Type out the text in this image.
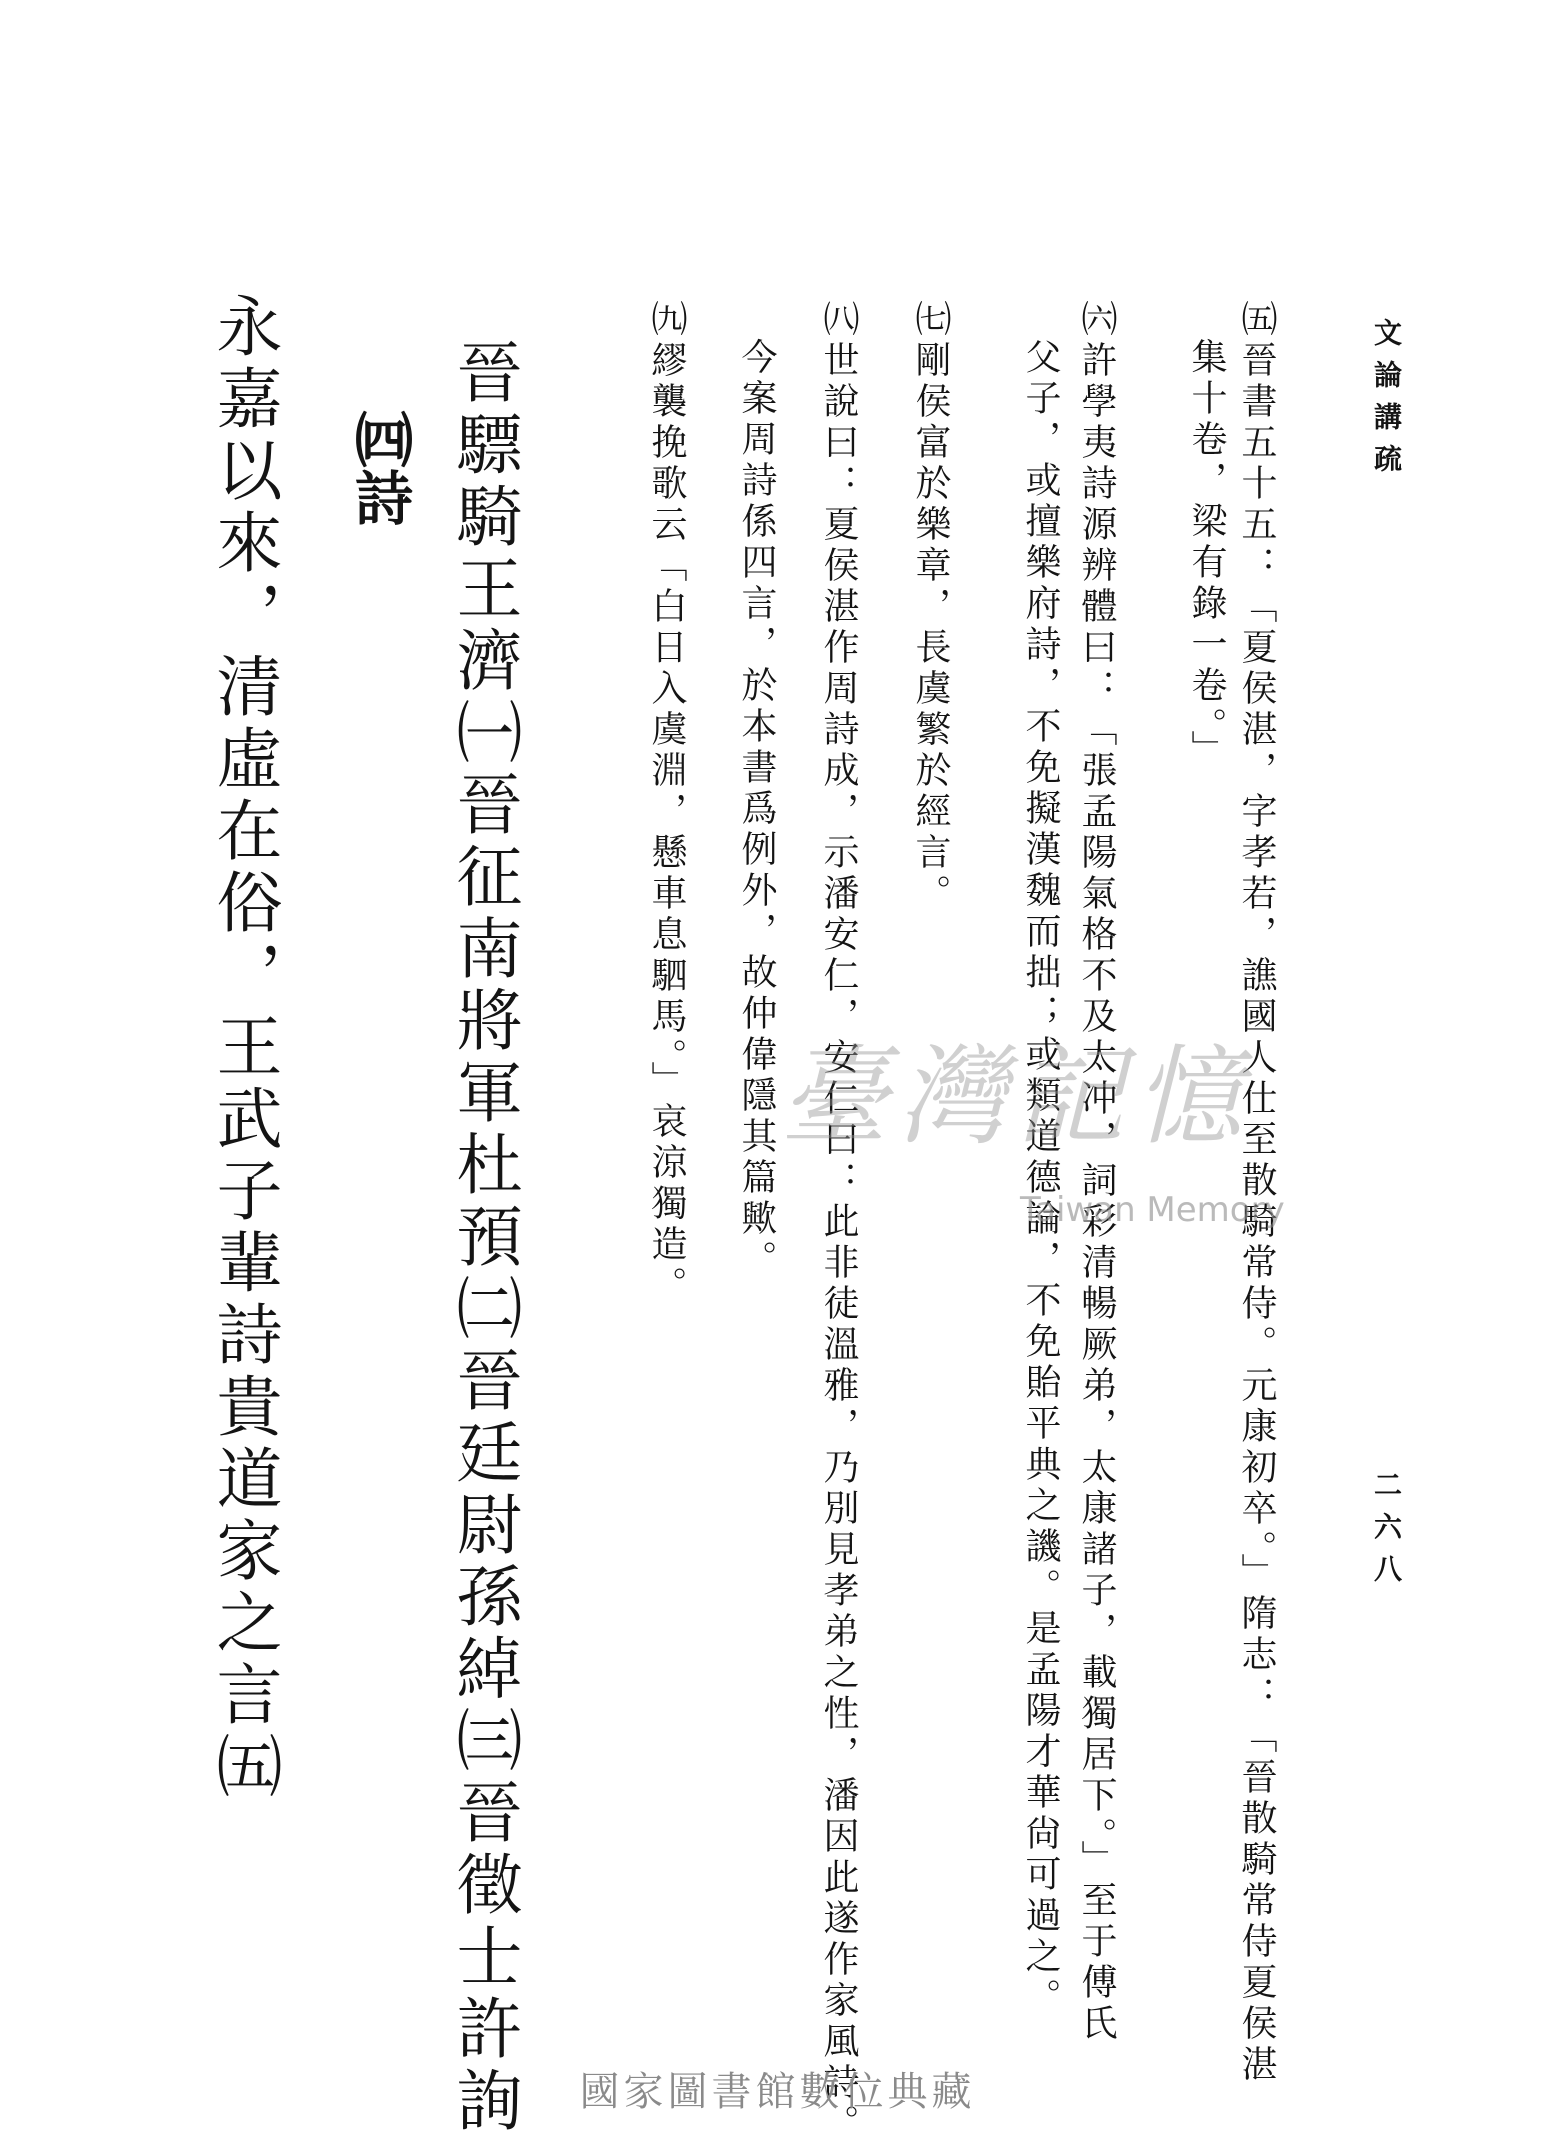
文論講疏
二六八
㈤晉書五十五：「夏侯湛，字孝若，譙國人仕至散騎常侍。元康初卒。」隋志：「晉散騎常侍夏侯湛
集十卷，梁有錄一卷。」
㈥許學夷詩源辨體曰：「張孟陽氣格不及太冲，詞彩清暢厥弟，太康諸子，載獨居下。」至于傅氏
父子，或擅樂府詩，不免擬漢魏而拙；或類道德論，不免貽平典之譏。是孟陽才華尙可過之。
㈦剛侯富於樂章，長虞繁於經言。
㈧世說曰：夏侯湛作周詩成，示潘安仁，安仁曰：此非徒溫雅，乃別見孝弟之性，潘因此遂作家風詩。
今案周詩係四言，於本書爲例外，故仲偉隱其篇歟。
㈨繆襲挽歌云「白日入虞淵，懸車息駟馬。」哀涼獨造。
晉驃騎王濟㈠晉征南將軍杜預㈡晉廷尉孫綽㈢晉徵士許詢
㈣詩
永嘉以來，清虛在俗，王武子輩詩貴道家之言㈤	臺灣記憶
Taiwan Memory
國家圖書館數位典藏
